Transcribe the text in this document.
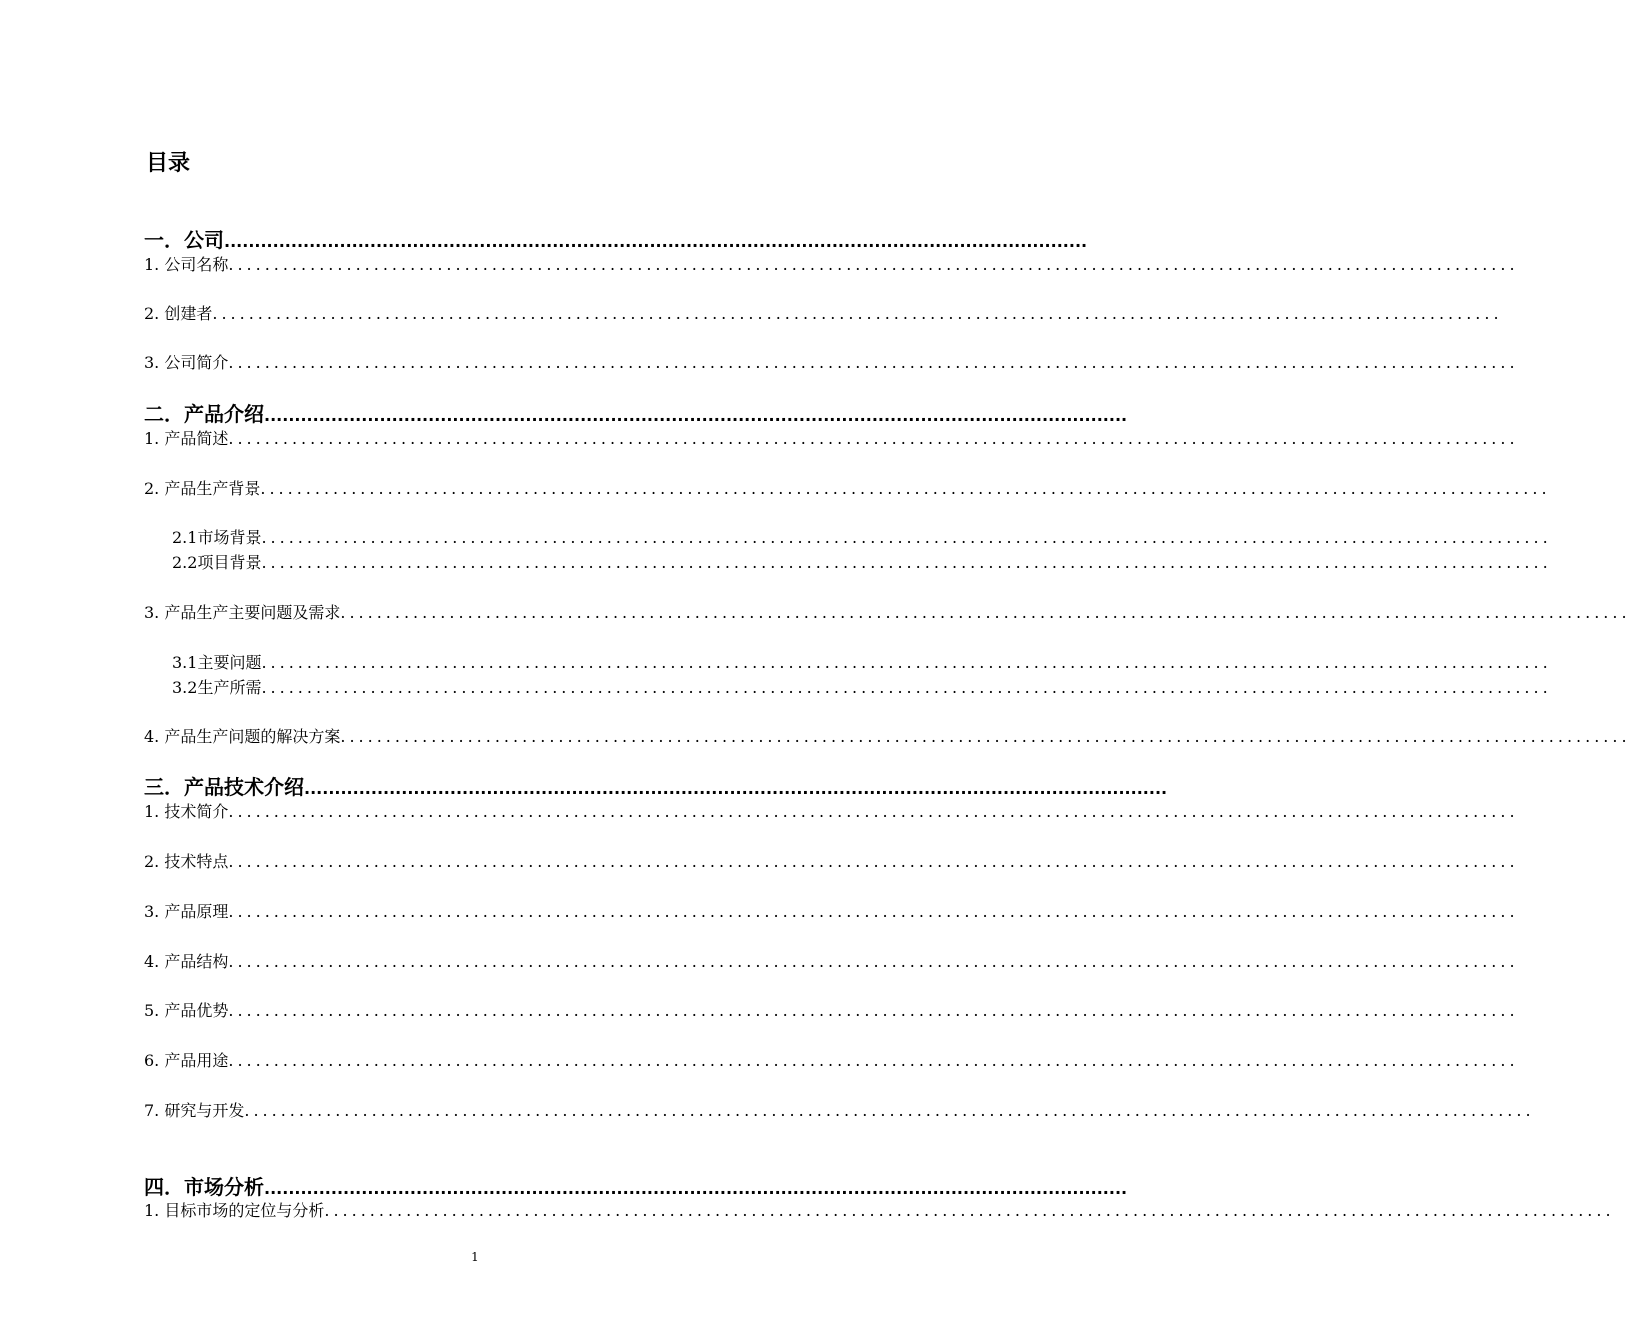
目录
一．公司 ..............................................................................................................................................
1. 公司名称 ..............................................................................................................................................
2. 创建者 ..............................................................................................................................................
3. 公司简介 ..............................................................................................................................................
二．产品介绍 ..............................................................................................................................................
1. 产品简述 ..............................................................................................................................................
2. 产品生产背景 ..............................................................................................................................................
2.1市场背景 ..............................................................................................................................................
2.2项目背景 ..............................................................................................................................................
3. 产品生产主要问题及需求 ..............................................................................................................................................
3.1主要问题 ..............................................................................................................................................
3.2生产所需 ..............................................................................................................................................
4. 产品生产问题的解决方案 ..............................................................................................................................................
三．产品技术介绍 ..............................................................................................................................................
1. 技术简介 ..............................................................................................................................................
2. 技术特点 ..............................................................................................................................................
3. 产品原理 ..............................................................................................................................................
4. 产品结构 ..............................................................................................................................................
5. 产品优势 ..............................................................................................................................................
6. 产品用途 ..............................................................................................................................................
7. 研究与开发 ..............................................................................................................................................
四．市场分析 ..............................................................................................................................................
1. 目标市场的定位与分析 ..............................................................................................................................................
1
